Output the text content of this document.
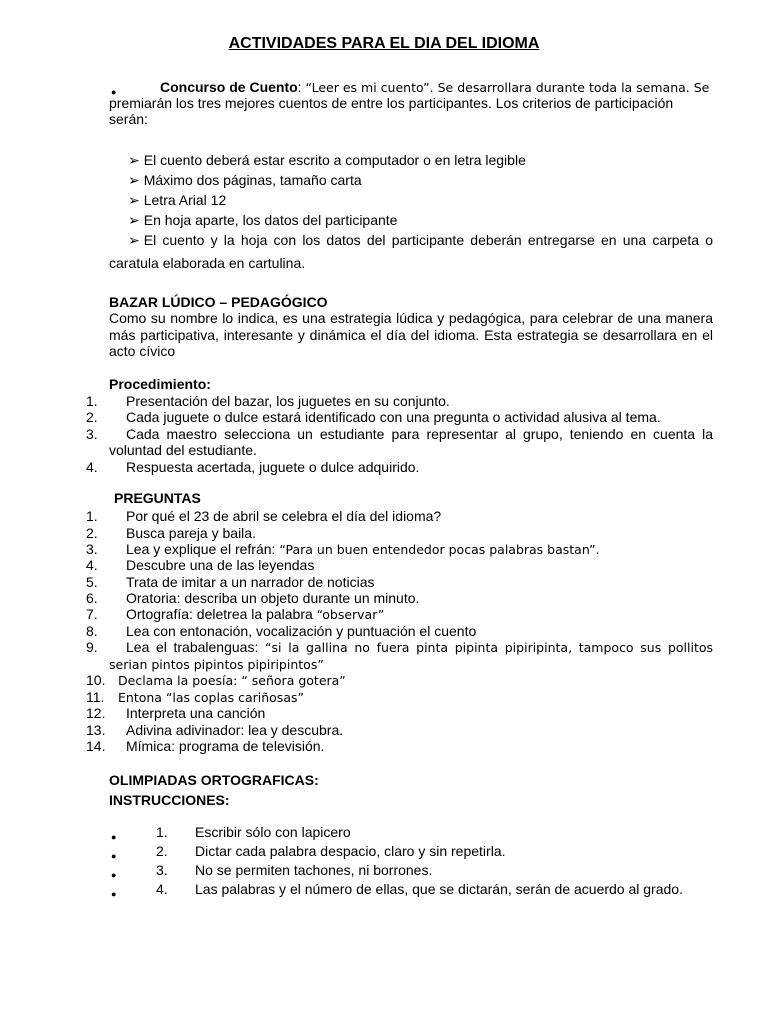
ACTIVIDADES PARA EL DIA DEL IDIOMA
●	Concurso de Cuento: “Leer es mi cuento”. Se desarrollara durante toda la semana. Se
premiarán los tres mejores cuentos de entre los participantes. Los criterios de participación
serán:
➢ El cuento deberá estar escrito a computador o en letra legible
➢ Máximo dos páginas, tamaño carta
➢ Letra Arial 12
➢ En hoja aparte, los datos del participante
➢ El cuento y la hoja con los datos del participante deberán entregarse en una carpeta o
caratula elaborada en cartulina.
BAZAR LÚDICO – PEDAGÓGICO
Como su nombre lo indica, es una estrategia lúdica y pedagógica, para celebrar de una manera más participativa, interesante y dinámica el día del idioma. Esta estrategia se desarrollara en el acto cívico
Procedimiento:
1.	Presentación del bazar, los juguetes en su conjunto.
2.	Cada juguete o dulce estará identificado con una pregunta o actividad alusiva al tema.
3.	Cada maestro selecciona un estudiante para representar al grupo, teniendo en cuenta la
voluntad del estudiante.
4.	Respuesta acertada, juguete o dulce adquirido.
PREGUNTAS
1.	Por qué el 23 de abril se celebra el día del idioma?
2.	Busca pareja y baila.
3.	Lea y explique el refrán: “Para un buen entendedor pocas palabras bastan”.
4.	Descubre una de las leyendas
5.	Trata de imitar a un narrador de noticias
6.	Oratoria: describa un objeto durante un minuto.
7.	Ortografía: deletrea la palabra “observar”
8.	Lea con entonación, vocalización y puntuación el cuento
9.	Lea el trabalenguas: “si la gallina no fuera pinta pipinta pipiripinta, tampoco sus pollitos
serian pintos pipintos pipiripintos”
10.	Declama la poesía: “ señora gotera”
11.	Entona “las coplas cariñosas”
12.	Interpreta una canción
13.	Adivina adivinador: lea y descubra.
14.	Mímica: programa de televisión.
OLIMPIADAS ORTOGRAFICAS:
INSTRUCCIONES:
●	1. Escribir sólo con lapicero
●	2. Dictar cada palabra despacio, claro y sin repetirla.
●	3. No se permiten tachones, ni borrones.
●	4. Las palabras y el número de ellas, que se dictarán, serán de acuerdo al grado.
